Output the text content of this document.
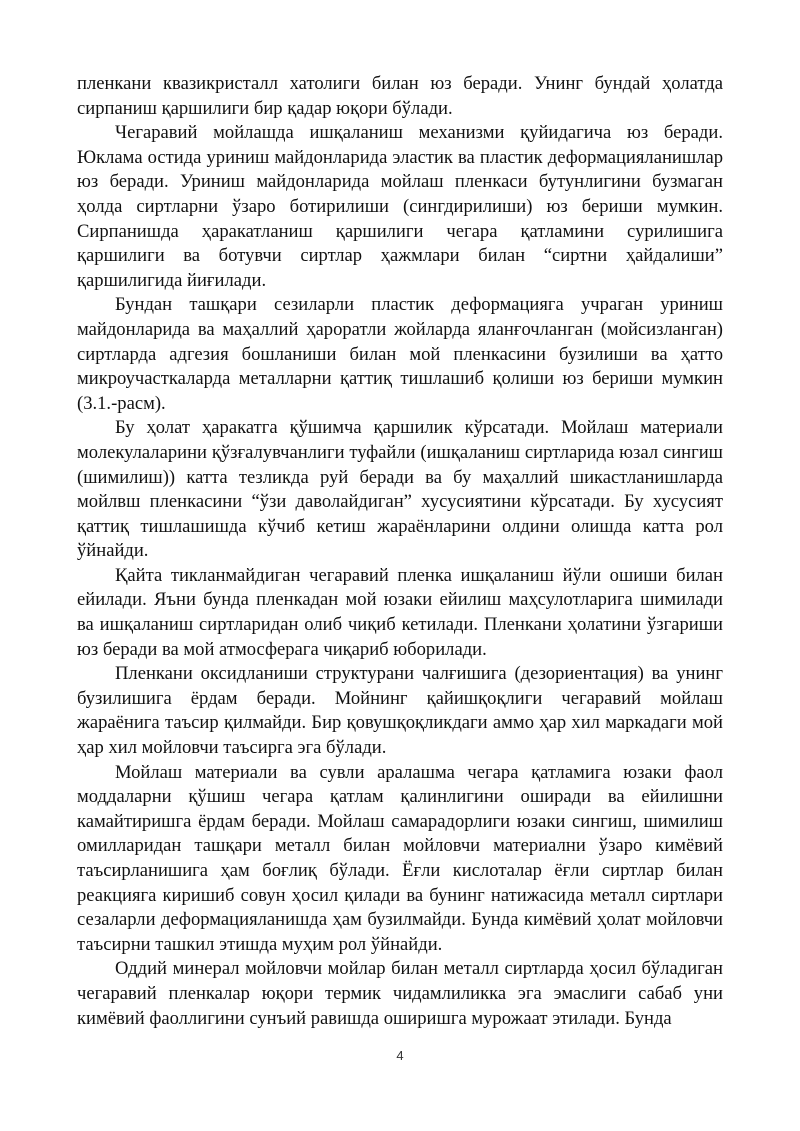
пленкани квазикристалл хатолиги билан юз беради. Унинг бундай ҳолатда сирпаниш қаршилиги бир қадар юқори бўлади.

Чегаравий мойлашда ишқаланиш механизми қуйидагича юз беради. Юклама остида уриниш майдонларида эластик ва пластик деформацияланишлар юз беради. Уриниш майдонларида мойлаш пленкаси бутунлигини бузмаган ҳолда сиртларни ўзаро ботирилиши (сингдирилиши) юз бериши мумкин. Сирпанишда ҳаракатланиш қаршилиги чегара қатламини сурилишига қаршилиги ва ботувчи сиртлар ҳажмлари билан “сиртни ҳайдалиши” қаршилигида йиғилади.

Бундан ташқари сезиларли пластик деформацияга учраган уриниш майдонларида ва маҳаллий ҳароратли жойларда яланғочланган (мойсизланган) сиртларда адгезия бошланиши билан мой пленкасини бузилиши ва ҳатто микроучасткаларда металларни қаттиқ тишлашиб қолиши юз бериши мумкин (3.1.-расм).

Бу ҳолат ҳаракатга қўшимча қаршилик кўрсатади. Мойлаш материали молекулаларини қўзғалувчанлиги туфайли (ишқаланиш сиртларида юзал сингиш (шимилиш)) катта тезликда руй беради ва бу маҳаллий шикастланишларда мойлвш пленкасини “ўзи даволайдиган” хусусиятини кўрсатади. Бу хусусият қаттиқ тишлашишда кўчиб кетиш жараёнларини олдини олишда катта рол ўйнайди.

Қайта тикланмайдиган чегаравий пленка ишқаланиш йўли ошиши билан ейилади. Яъни бунда пленкадан мой юзаки ейилиш маҳсулотларига шимилади ва ишқаланиш сиртларидан олиб чиқиб кетилади. Пленкани ҳолатини ўзгариши юз беради ва мой атмосферага чиқариб юборилади.

Пленкани оксидланиши структурани чалғишига (дезориентация) ва унинг бузилишига ёрдам беради. Мойнинг қайишқоқлиги чегаравий мойлаш жараёнига таъсир қилмайди. Бир қовушқоқликдаги аммо ҳар хил маркадаги мой ҳар хил мойловчи таъсирга эга бўлади.

Мойлаш материали ва сувли аралашма чегара қатламига юзаки фаол моддаларни қўшиш чегара қатлам қалинлигини оширади ва ейилишни камайтиришга ёрдам беради. Мойлаш самарадорлиги юзаки сингиш, шимилиш омилларидан ташқари металл билан мойловчи материални ўзаро кимёвий таъсирланишига ҳам боғлиқ бўлади. Ёғли кислоталар ёғли сиртлар билан реакцияга киришиб совун ҳосил қилади ва бунинг натижасида металл сиртлари сезаларли деформацияланишда ҳам бузилмайди. Бунда кимёвий ҳолат мойловчи таъсирни ташкил этишда муҳим рол ўйнайди.

Оддий минерал мойловчи мойлар билан металл сиртларда ҳосил бўладиган чегаравий пленкалар юқори термик чидамлиликка эга эмаслиги сабаб уни кимёвий фаоллигини сунъий равишда оширишга мурожаат этилади. Бунда

4
